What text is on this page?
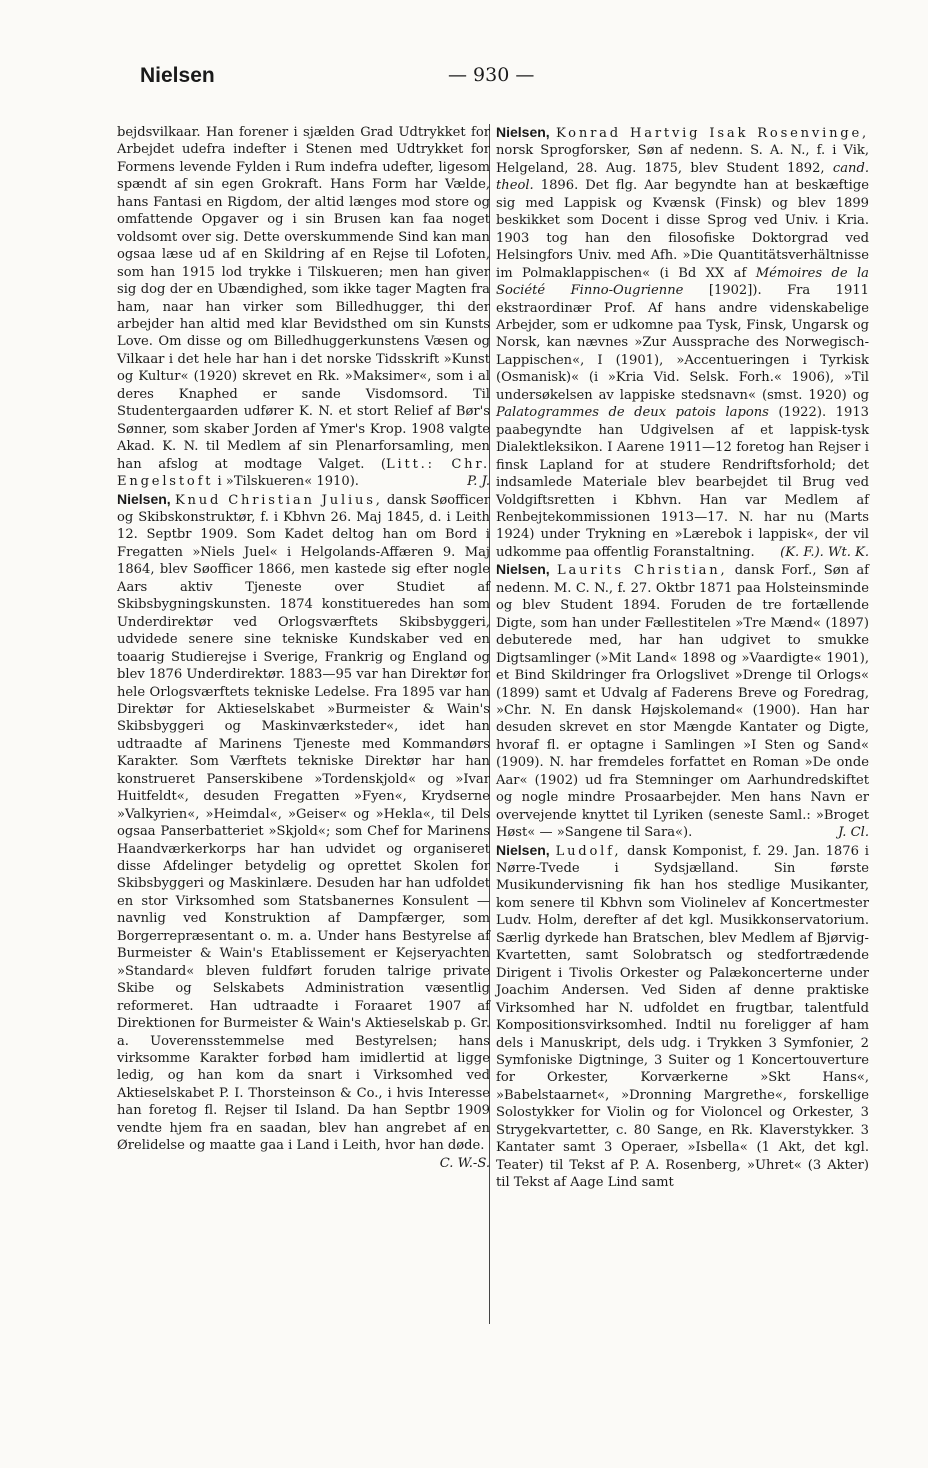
Nielsen	— 930 —

bejdsvilkaar. Han forener i sjælden Grad Udtrykket for Arbejdet udefra indefter i Stenen med Udtrykket for Formens levende Fylden i Rum indefra udefter, ligesom spændt af sin egen Grokraft. Hans Form har Vælde, hans Fantasi en Rigdom, der altid længes mod store og omfattende Opgaver og i sin Brusen kan faa noget voldsomt over sig. Dette overskummende Sind kan man ogsaa læse ud af en Skildring af en Rejse til Lofoten, som han 1915 lod trykke i Tilskueren; men han giver sig dog der en Ubændighed, som ikke tager Magten fra ham, naar han virker som Billedhugger, thi der arbejder han altid med klar Bevidsthed om sin Kunsts Love. Om disse og om Billedhuggerkunstens Væsen og Vilkaar i det hele har han i det norske Tidsskrift »Kunst og Kultur« (1920) skrevet en Rk. »Maksimer«, som i al deres Knaphed er sande Visdomsord. Til Studentergaarden udfører K. N. et stort Relief af Bør's Sønner, som skaber Jorden af Ymer's Krop. 1908 valgte Akad. K. N. til Medlem af sin Plenarforsamling, men han afslog at modtage Valget. (Litt.: Chr. Engelstoft i »Tilskueren« 1910).	P. J.

Nielsen, Knud Christian Julius, dansk Søofficer og Skibskonstruktør, f. i Kbhvn 26. Maj 1845, d. i Leith 12. Septbr 1909. Som Kadet deltog han om Bord i Fregatten »Niels Juel« i Helgolands-Affæren 9. Maj 1864, blev Søofficer 1866, men kastede sig efter nogle Aars aktiv Tjeneste over Studiet af Skibsbygningskunsten. 1874 konstitueredes han som Underdirektør ved Orlogsværftets Skibsbyggeri, udvidede senere sine tekniske Kundskaber ved en toaarig Studierejse i Sverige, Frankrig og England og blev 1876 Underdirektør. 1883—95 var han Direktør for hele Orlogsværftets tekniske Ledelse. Fra 1895 var han Direktør for Aktieselskabet »Burmeister & Wain's Skibsbyggeri og Maskinværksteder«, idet han udtraadte af Marinens Tjeneste med Kommandørs Karakter. Som Værftets tekniske Direktør har han konstrueret Panserskibene »Tordenskjold« og »Ivar Huitfeldt«, desuden Fregatten »Fyen«, Krydserne »Valkyrien«, »Heimdal«, »Geiser« og »Hekla«, til Dels ogsaa Panserbatteriet »Skjold«; som Chef for Marinens Haandværkerkorps har han udvidet og organiseret disse Afdelinger betydelig og oprettet Skolen for Skibsbyggeri og Maskinlære. Desuden har han udfoldet en stor Virksomhed som Statsbanernes Konsulent — navnlig ved Konstruktion af Dampfærger, som Borgerrepræsentant o. m. a. Under hans Bestyrelse af Burmeister & Wain's Etablissement er Kejseryachten »Standard« bleven fuldført foruden talrige private Skibe og Selskabets Administration væsentlig reformeret. Han udtraadte i Foraaret 1907 af Direktionen for Burmeister & Wain's Aktieselskab p. Gr. a. Uoverensstemmelse med Bestyrelsen; hans virksomme Karakter forbød ham imidlertid at ligge ledig, og han kom da snart i Virksomhed ved Aktieselskabet P. I. Thorsteinson & Co., i hvis Interesse han foretog fl. Rejser til Island. Da han Septbr 1909 vendte hjem fra en saadan, blev han angrebet af en Ørelidelse og maatte gaa i Land i Leith, hvor han døde.
C. W.-S.

Nielsen, Konrad Hartvig Isak Rosenvinge, norsk Sprogforsker, Søn af nedenn. S. A. N., f. i Vik, Helgeland, 28. Aug. 1875, blev Student 1892, cand. theol. 1896. Det flg. Aar begyndte han at beskæftige sig med Lappisk og Kvænsk (Finsk) og blev 1899 beskikket som Docent i disse Sprog ved Univ. i Kria. 1903 tog han den filosofiske Doktorgrad ved Helsingfors Univ. med Afh. »Die Quantitätsverhältnisse im Polmaklappischen« (i Bd XX af Mémoires de la Société Finno-Ougrienne [1902]). Fra 1911 ekstraordinær Prof. Af hans andre videnskabelige Arbejder, som er udkomne paa Tysk, Finsk, Ungarsk og Norsk, kan nævnes »Zur Aussprache des Norwegisch-Lappischen«, I (1901), »Accentueringen i Tyrkisk (Osmanisk)« (i »Kria Vid. Selsk. Forh.« 1906), »Til undersøkelsen av lappiske stedsnavn« (smst. 1920) og Palatogrammes de deux patois lapons (1922). 1913 paabegyndte han Udgivelsen af et lappisk-tysk Dialektleksikon. I Aarene 1911—12 foretog han Rejser i finsk Lapland for at studere Rendriftsforhold; det indsamlede Materiale blev bearbejdet til Brug ved Voldgiftsretten i Kbhvn. Han var Medlem af Renbejtekommissionen 1913—17. N. har nu (Marts 1924) under Trykning en »Lærebok i lappisk«, der vil udkomme paa offentlig Foranstaltning. (K. F.). Wt. K.

Nielsen, Laurits Christian, dansk Forf., Søn af nedenn. M. C. N., f. 27. Oktbr 1871 paa Holsteinsminde og blev Student 1894. Foruden de tre fortællende Digte, som han under Fællestitelen »Tre Mænd« (1897) debuterede med, har han udgivet to smukke Digtsamlinger (»Mit Land« 1898 og »Vaardigte« 1901), et Bind Skildringer fra Orlogslivet »Drenge til Orlogs« (1899) samt et Udvalg af Faderens Breve og Foredrag, »Chr. N. En dansk Højskolemand« (1900). Han har desuden skrevet en stor Mængde Kantater og Digte, hvoraf fl. er optagne i Samlingen »I Sten og Sand« (1909). N. har fremdeles forfattet en Roman »De onde Aar« (1902) ud fra Stemninger om Aarhundredskiftet og nogle mindre Prosaarbejder. Men hans Navn er overvejende knyttet til Lyriken (seneste Saml.: »Broget Høst« — »Sangene til Sara«).	J. Cl.

Nielsen, Ludolf, dansk Komponist, f. 29. Jan. 1876 i Nørre-Tvede i Sydsjælland. Sin første Musikundervisning fik han hos stedlige Musikanter, kom senere til Kbhvn som Violinelev af Koncertmester Ludv. Holm, derefter af det kgl. Musikkonservatorium. Særlig dyrkede han Bratschen, blev Medlem af Bjørvig-Kvartetten, samt Solobratsch og stedfortrædende Dirigent i Tivolis Orkester og Palækoncerterne under Joachim Andersen. Ved Siden af denne praktiske Virksomhed har N. udfoldet en frugtbar, talentfuld Kompositionsvirksomhed. Indtil nu foreligger af ham dels i Manuskript, dels udg. i Trykken 3 Symfonier, 2 Symfoniske Digtninge, 3 Suiter og 1 Koncertouverture for Orkester, Korværkerne »Skt Hans«, »Babelstaarnet«, »Dronning Margrethe«, forskellige Solostykker for Violin og for Violoncel og Orkester, 3 Strygekvartetter, c. 80 Sange, en Rk. Klaverstykker. 3 Kantater samt 3 Operaer, »Isbella« (1 Akt, det kgl. Teater) til Tekst af P. A. Rosenberg, »Uhret« (3 Akter) til Tekst af Aage Lind samt
